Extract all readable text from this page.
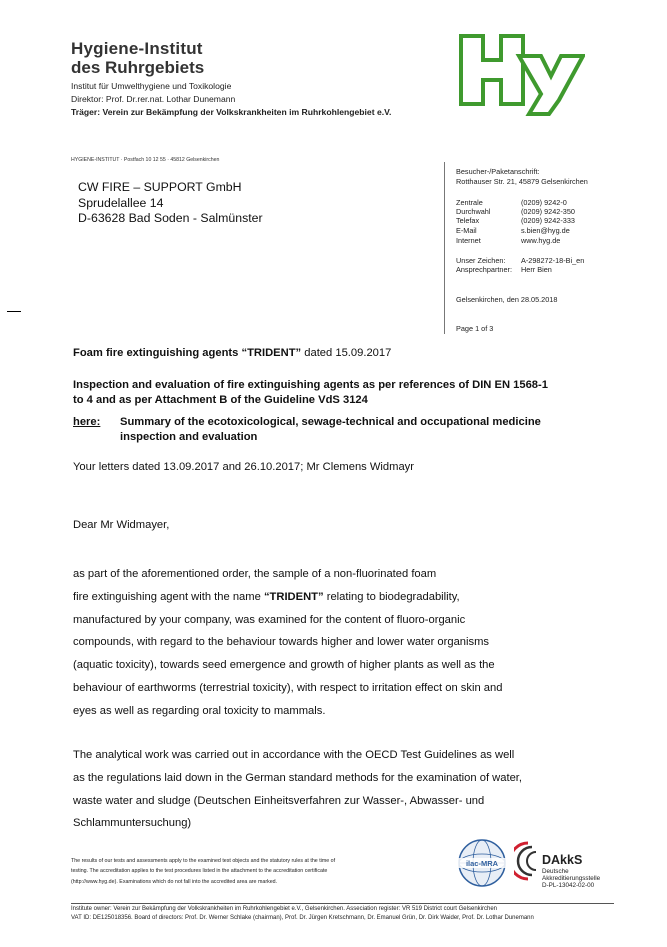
Hygiene-Institut
des Ruhrgebiets
Institut für Umwelthygiene und Toxikologie
Direktor: Prof. Dr.rer.nat. Lothar Dunemann
Träger: Verein zur Bekämpfung der Volkskrankheiten im Ruhrkohlengebiet e.V.
HYGIENE-INSTITUT · Postfach 10 12 55 · 45812 Gelsenkirchen
CW FIRE – SUPPORT GmbH
Sprudelallee 14
D-63628 Bad Soden - Salmünster
Besucher-/Paketanschrift:
Rotthauser Str. 21, 45879 Gelsenkirchen
Zentrale	(0209) 9242-0
Durchwahl	(0209) 9242-350
Telefax	(0209) 9242-333
E-Mail	s.bien@hyg.de
Internet	www.hyg.de
Unser Zeichen: A-298272-18-Bi_en
Ansprechpartner: Herr Bien
Gelsenkirchen, den 28.05.2018
Page 1 of 3
Foam fire extinguishing agents “TRIDENT” dated 15.09.2017
Inspection and evaluation of fire extinguishing agents as per references of DIN EN 1568-1
to 4 and as per Attachment B of the Guideline VdS 3124
here: Summary of the ecotoxicological, sewage-technical and occupational medicine
inspection and evaluation
Your letters dated 13.09.2017 and 26.10.2017; Mr Clemens Widmayr
Dear Mr Widmayer,
as part of the aforementioned order, the sample of a non-fluorinated foam
fire extinguishing agent with the name “TRIDENT” relating to biodegradability,
manufactured by your company, was examined for the content of fluoro-organic
compounds, with regard to the behaviour towards higher and lower water organisms
(aquatic toxicity), towards seed emergence and growth of higher plants as well as the
behaviour of earthworms (terrestrial toxicity), with respect to irritation effect on skin and
eyes as well as regarding oral toxicity to mammals.
The analytical work was carried out in accordance with the OECD Test Guidelines as well
as the regulations laid down in the German standard methods for the examination of water,
waste water and sludge (Deutschen Einheitsverfahren zur Wasser-, Abwasser- und
Schlammuntersuchung)
The results of our tests and assessments apply to the examined test objects and the statutory rules at the time of
testing. The accreditation applies to the test procedures listed in the attachment to the accreditation certificate
(http://www.hyg.de). Examinations which do not fall into the accredited area are marked.
ilac-MRA	DAkkS
Deutsche
Akkreditierungsstelle
D-PL-13042-02-00
Institute owner: Verein zur Bekämpfung der Volkskrankheiten im Ruhrkohlengebiet e.V., Gelsenkirchen. Asseciation register: VR 519 District court Gelsenkirchen
VAT ID: DE125018356. Board of directors: Prof. Dr. Werner Schlake (chairman), Prof. Dr. Jürgen Kretschmann, Dr. Emanuel Grün, Dr. Dirk Waider, Prof. Dr. Lothar Dunemann
